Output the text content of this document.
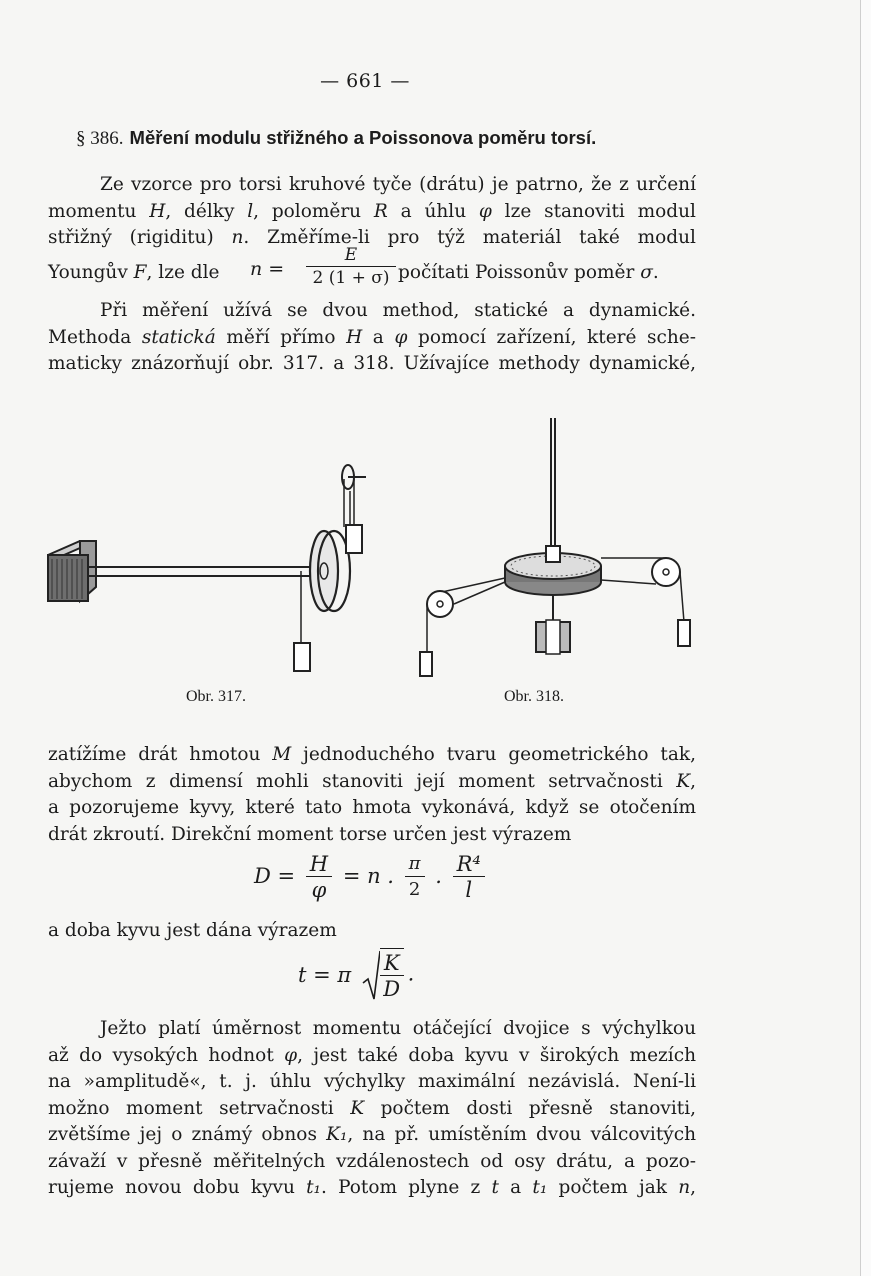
— 661 —
§ 386. Měření modulu střižného a Poissonova poměru torsí.
Ze vzorce pro torsi kruhové tyče (drátu) je patrno, že z určení
momentu H, délky l, poloměru R a úhlu φ lze stanoviti modul
střižný (rigiditu) n. Změříme-li pro týž materiál také modul
Youngův F, lze dle n =
E
2 (1 + σ) počítati Poissonův poměr σ.
Při měření užívá se dvou method, statické a dynamické.
Methoda statická měří přímo H a φ pomocí zařízení, které sche-
maticky znázorňují obr. 317. a 318. Užívajíce methody dynamické,
Obr. 317.	Obr. 318.
zatížíme drát hmotou M jednoduchého tvaru geometrického tak,
abychom z dimensí mohli stanoviti její moment setrvačnosti K,
a pozorujeme kyvy, které tato hmota vykonává, když se otočením
drát zkroutí. Direkční moment torse určen jest výrazem
$D = \frac{H}{\varphi} = n$ . $\frac{\pi}{2}$ . $\frac{\text{R⁴}}{l}$
a doba kyvu jest dána výrazem
t = π $\frac{K}{D}$ .
Ježto platí úměrnost momentu otáčející dvojice s výchylkou
až do vysokých hodnot φ, jest také doba kyvu v širokých mezích
na »amplitudě«, t. j. úhlu výchylky maximální nezávislá. Není-li
možno moment setrvačnosti K počtem dosti přesně stanoviti,
zvětšíme jej o známý obnos K₁, na př. umístěním dvou válcovitých
závaží v přesně měřitelných vzdálenostech od osy drátu, a pozo-
rujeme novou dobu kyvu t₁. Potom plyne z t a t₁ počtem jak n,
